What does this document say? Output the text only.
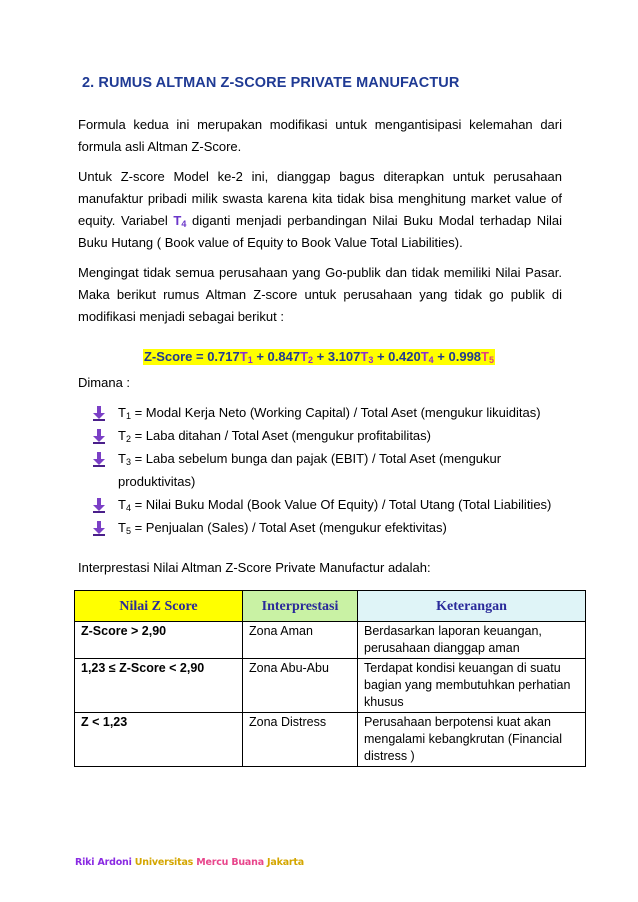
2. RUMUS ALTMAN Z-SCORE PRIVATE MANUFACTUR
Formula kedua ini merupakan modifikasi untuk mengantisipasi kelemahan dari
formula asli Altman Z-Score.
Untuk Z-score Model ke-2 ini, dianggap bagus diterapkan untuk perusahaan
manufaktur pribadi milik swasta karena kita tidak bisa menghitung market value of
equity. Variabel $T_4$ diganti menjadi perbandingan Nilai Buku Modal terhadap Nilai
Buku Hutang ( Book value of Equity to Book Value Total Liabilities).
Mengingat tidak semua perusahaan yang Go-publik dan tidak memiliki Nilai Pasar.
Maka berikut rumus Altman Z-score untuk perusahaan yang tidak go publik di
modifikasi menjadi sebagai berikut :
Z-Score = $0.717T_1 + 0.847T_2 + 3.107T_3 + 0.420T_4 + 0.998T_5$
Dimana :
$T_1$ = Modal Kerja Neto (Working Capital) / Total Aset (mengukur likuiditas)
$T_2$ = Laba ditahan / Total Aset (mengukur profitabilitas)
$T_3$ = Laba sebelum bunga dan pajak (EBIT) / Total Aset (mengukur
produktivitas)
$T_4$ = Nilai Buku Modal (Book Value Of Equity) / Total Utang (Total Liabilities)
$T_5$ = Penjualan (Sales) / Total Aset (mengukur efektivitas)
Interprestasi Nilai Altman Z-Score Private Manufactur adalah:
Nilai Z Score	Interprestasi	Keterangan
Z-Score > 2,90	Zona Aman	Berdasarkan laporan keuangan, perusahaan dianggap aman
1,23 ≤ Z-Score < 2,90	Zona Abu-Abu	Terdapat kondisi keuangan di suatu bagian yang membutuhkan perhatian khusus
Z < 1,23	Zona Distress	Perusahaan berpotensi kuat akan mengalami kebangkrutan (Financial distress )
Riki Ardoni Universitas Mercu Buana Jakarta
